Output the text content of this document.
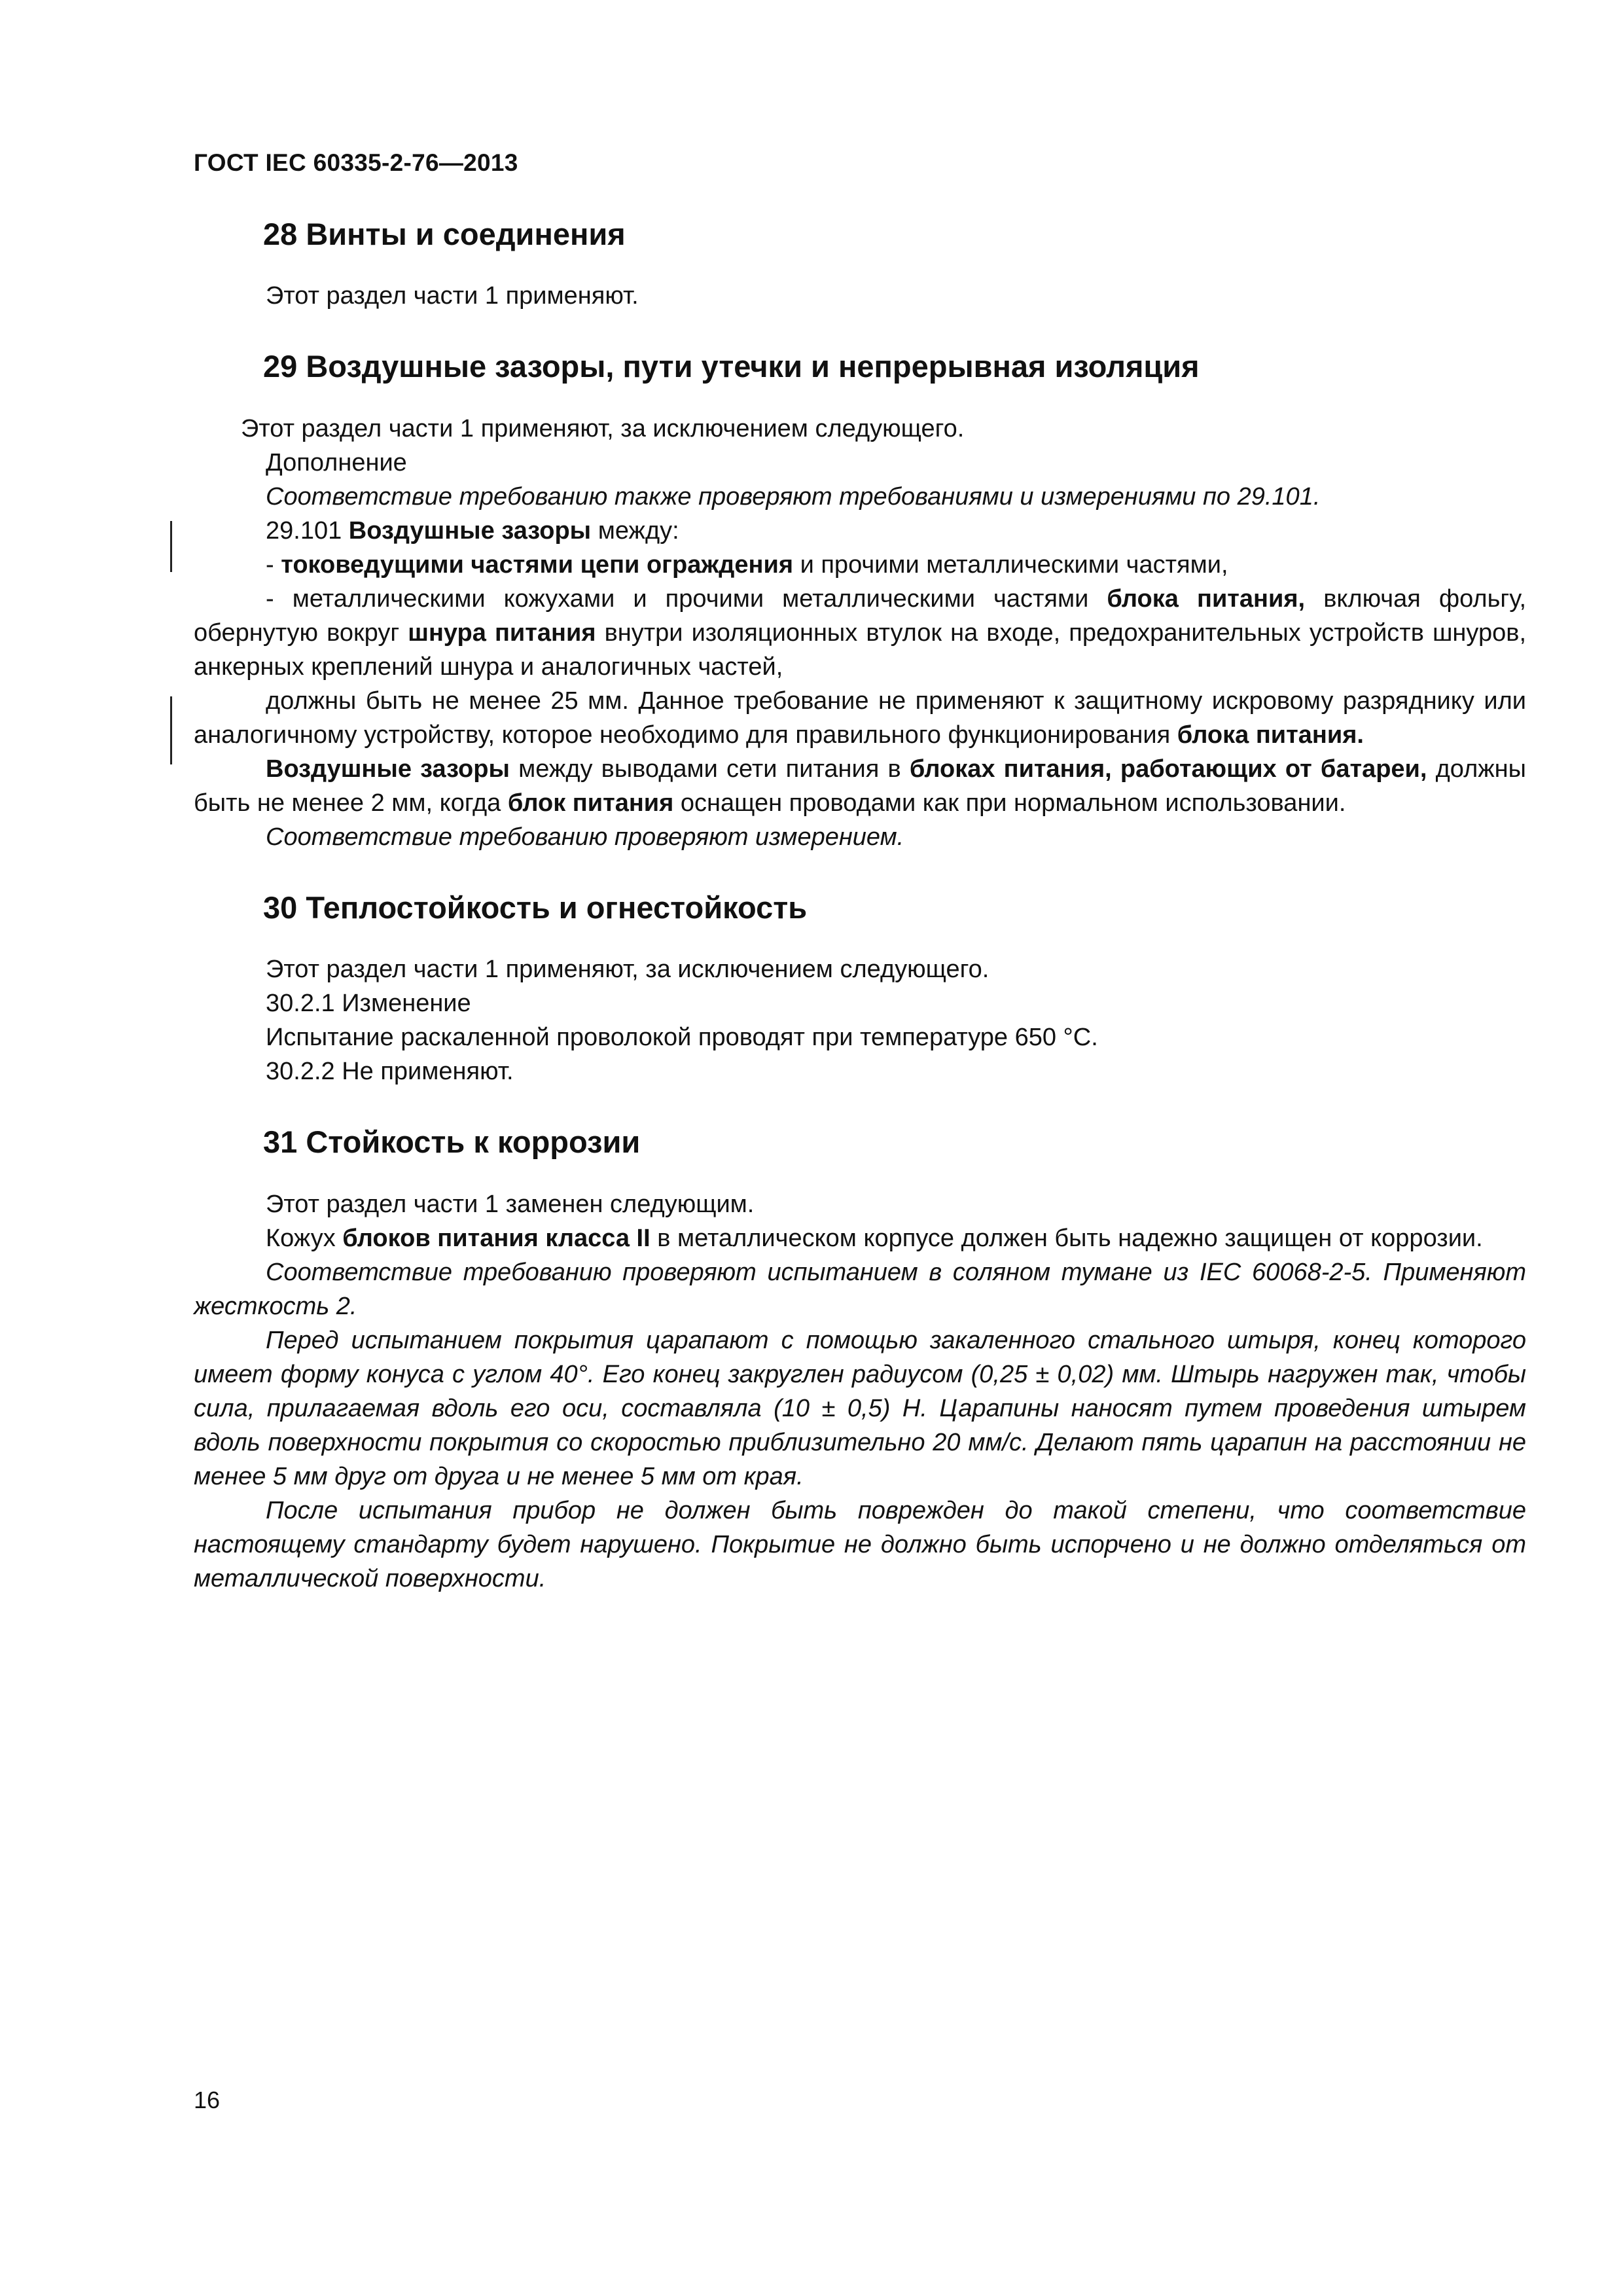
ГОСТ IEC 60335-2-76—2013
28 Винты и соединения

Этот раздел части 1 применяют.

29 Воздушные зазоры, пути утечки и непрерывная изоляция

Этот раздел части 1 применяют, за исключением следующего.

Дополнение

Соответствие требованию также проверяют требованиями и измерениями по 29.101.

29.101 Воздушные зазоры между:

- токоведущими частями цепи ограждения и прочими металлическими частями,

- металлическими кожухами и прочими металлическими частями блока питания, включая фольгу, обернутую вокруг шнура питания внутри изоляционных втулок на входе, предохранительных устройств шнуров, анкерных креплений шнура и аналогичных частей,

должны быть не менее 25 мм. Данное требование не применяют к защитному искровому разряднику или аналогичному устройству, которое необходимо для правильного функционирования блока питания.

Воздушные зазоры между выводами сети питания в блоках питания, работающих от батареи, должны быть не менее 2 мм, когда блок питания оснащен проводами как при нормальном использовании.

Соответствие требованию проверяют измерением.

30 Теплостойкость и огнестойкость

Этот раздел части 1 применяют, за исключением следующего.

30.2.1 Изменение

Испытание раскаленной проволокой проводят при температуре 650 °С.

30.2.2 Не применяют.

31 Стойкость к коррозии

Этот раздел части 1 заменен следующим.

Кожух блоков питания класса II в металлическом корпусе должен быть надежно защищен от коррозии.

Соответствие требованию проверяют испытанием в соляном тумане из IEC 60068-2-5. Применяют жесткость 2.

Перед испытанием покрытия царапают с помощью закаленного стального штыря, конец которого имеет форму конуса с углом 40°. Его конец закруглен радиусом (0,25 ± 0,02) мм. Штырь нагружен так, чтобы сила, прилагаемая вдоль его оси, составляла (10 ± 0,5) Н. Царапины наносят путем проведения штырем вдоль поверхности покрытия со скоростью приблизительно 20 мм/с. Делают пять царапин на расстоянии не менее 5 мм друг от друга и не менее 5 мм от края.

После испытания прибор не должен быть поврежден до такой степени, что соответствие настоящему стандарту будет нарушено. Покрытие не должно быть испорчено и не должно отделяться от металлической поверхности.

16
